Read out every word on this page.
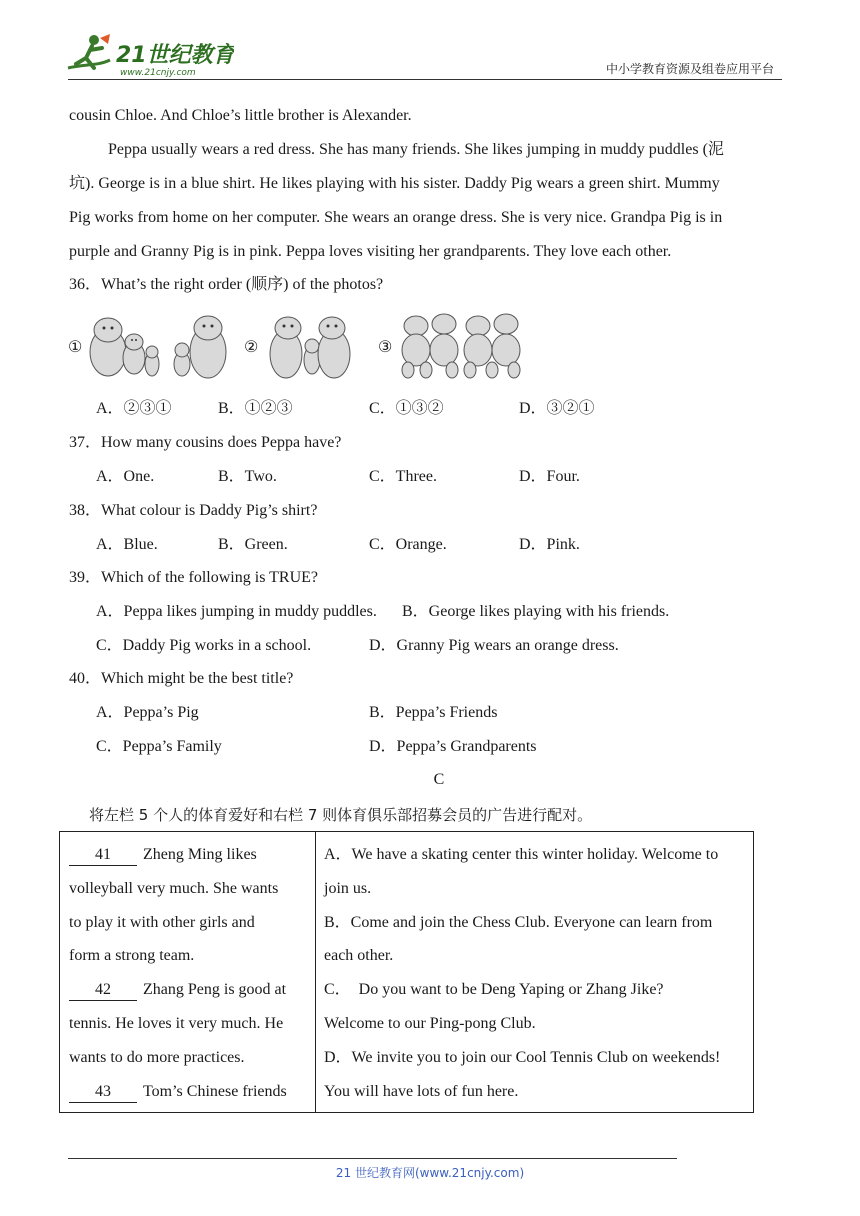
21世纪教育
www.21cnjy.com	中小学教育资源及组卷应用平台
cousin Chloe. And Chloe’s little brother is Alexander.
Peppa usually wears a red dress. She has many friends. She likes jumping in muddy puddles (泥
坑). George is in a blue shirt. He likes playing with his sister. Daddy Pig wears a green shirt. Mummy
Pig works from home on her computer. She wears an orange dress. She is very nice. Grandpa Pig is in
purple and Granny Pig is in pink. Peppa loves visiting her grandparents. They love each other.
36．What’s the right order (顺序) of the photos?
①	②	③
A．②③①	B．①②③	C．①③②	D．③②①
37．How many cousins does Peppa have?
A．One.	B．Two.	C．Three.	D．Four.
38．What colour is Daddy Pig’s shirt?
A．Blue.	B．Green.	C．Orange.	D．Pink.
39．Which of the following is TRUE?
A．Peppa likes jumping in muddy puddles. B．George likes playing with his friends.
C．Daddy Pig works in a school.	D．Granny Pig wears an orange dress.
40．Which might be the best title?
A．Peppa’s Pig	B．Peppa’s Friends
C．Peppa’s Family	D．Peppa’s Grandparents
C
将左栏 5 个人的体育爱好和右栏 7 则体育俱乐部招募会员的广告进行配对。
41 Zheng Ming likes
volleyball very much. She wants
to play it with other girls and
form a strong team.
42 Zhang Peng is good at
tennis. He loves it very much. He
wants to do more practices.
43 Tom’s Chinese friends
A．We have a skating center this winter holiday. Welcome to
join us.
B．Come and join the Chess Club. Everyone can learn from
each other.
C．  Do you want to be Deng Yaping or Zhang Jike?
Welcome to our Ping-pong Club.
D．We invite you to join our Cool Tennis Club on weekends!
You will have lots of fun here.
21 世纪教育网(www.21cnjy.com)
